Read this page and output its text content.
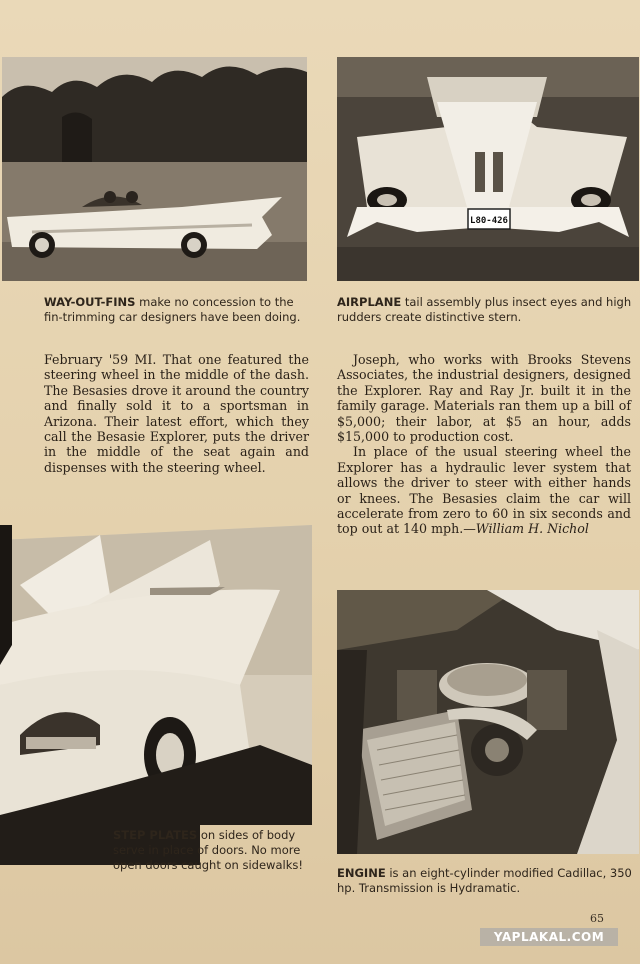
L80-426
WAY-OUT-FINS make no concession to the fin-trimming car designers have been doing.
AIRPLANE tail assembly plus insect eyes and high rudders create distinctive stern.

February '59 MI. That one featured the steering wheel in the middle of the dash. The Besasies drove it around the country and finally sold it to a sportsman in Arizona. Their latest effort, which they call the Besasie Explorer, puts the driver in the middle of the seat again and dispenses with the steering wheel.

Joseph, who works with Brooks Stevens Associates, the industrial designers, designed the Explorer. Ray and Ray Jr. built it in the family garage. Materials ran them up a bill of $5,000; their labor, at $5 an hour, adds $15,000 to production cost.

In place of the usual steering wheel the Explorer has a hydraulic lever system that allows the driver to steer with either hands or knees. The Besasies claim the car will accelerate from zero to 60 in six seconds and top out at 140 mph.—William H. Nichol

STEP PLATES on sides of body serve in place of doors. No more open doors caught on sidewalks!
ENGINE is an eight-cylinder modified Cadillac, 350 hp. Transmission is Hydramatic.
65
YAPLAKAL.COM
